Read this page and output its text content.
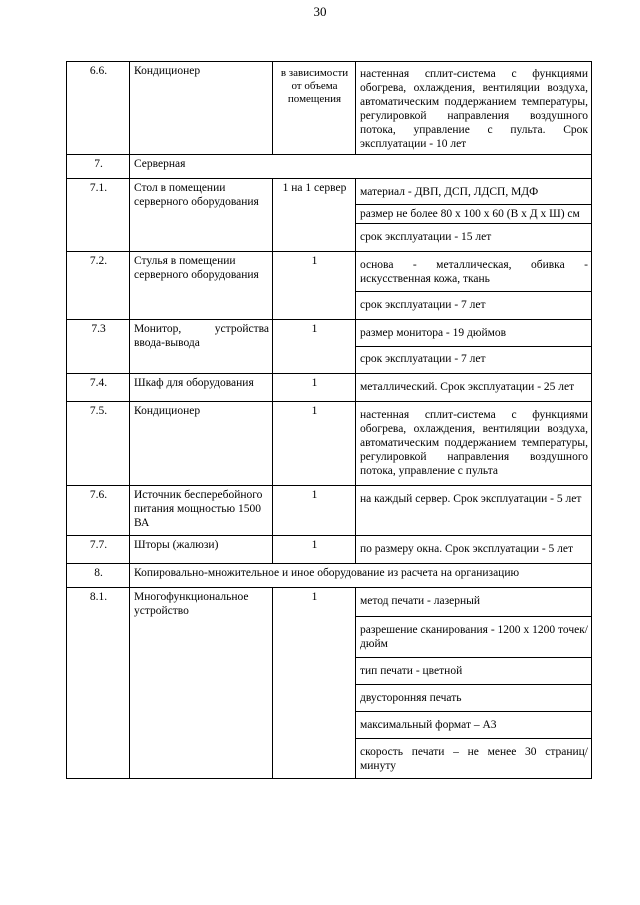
30
6.6.	Кондиционер	в зависимости от объема помещения	настенная сплит-система с функциями обогрева, охлаждения, вентиляции воздуха, автоматическим поддержанием температуры, регулировкой направления воздушного потока, управление с пульта. Срок эксплуатации - 10 лет
7.	Серверная		
7.1.	Стол в помещении серверного оборудования	1 на 1 сервер	материал - ДВП, ДСП, ЛДСП, МДФ
			размер не более 80 x 100 x 60 (В x Д x Ш) см
			срок эксплуатации - 15 лет
7.2.	Стулья в помещении серверного оборудования	1	основа - металлическая, обивка - искусственная кожа, ткань
			срок эксплуатации - 7 лет
7.3	Монитор, устройства ввода-вывода	1	размер монитора - 19 дюймов
			срок эксплуатации - 7 лет
7.4.	Шкаф для оборудования	1	металлический. Срок эксплуатации - 25 лет
7.5.	Кондиционер	1	настенная сплит-система с функциями обогрева, охлаждения, вентиляции воздуха, автоматическим поддержанием температуры, регулировкой направления воздушного потока, управление с пульта
7.6.	Источник бесперебойного питания мощностью 1500 ВА	1	на каждый сервер. Срок эксплуатации - 5 лет
7.7.	Шторы (жалюзи)	1	по размеру окна. Срок эксплуатации - 5 лет
8.	Копировально-множительное и иное оборудование из расчета на организацию		
8.1.	Многофункциональное устройство	1	метод печати - лазерный
			разрешение сканирования - 1200 x 1200 точек/дюйм
			тип печати - цветной
			двусторонняя печать
			максимальный формат – А3
			скорость печати – не менее 30 страниц/минуту
